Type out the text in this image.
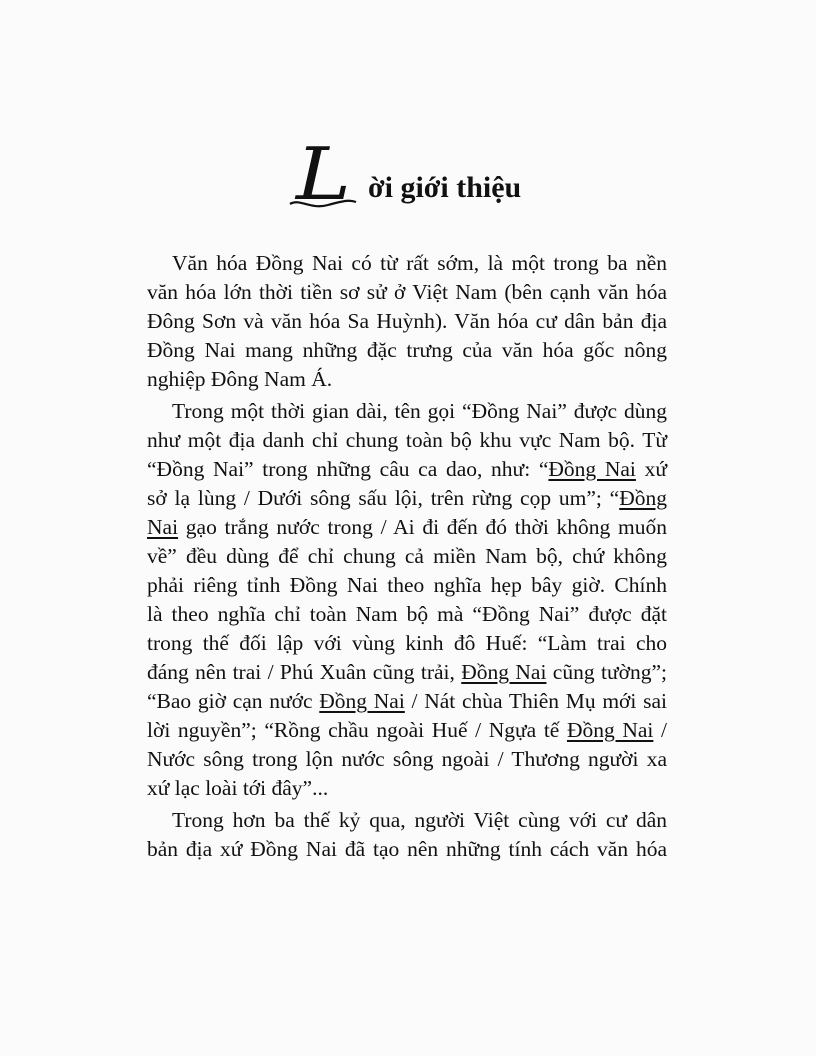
L ời giới thiệu
Văn hóa Đồng Nai có từ rất sớm, là một trong ba nền
văn hóa lớn thời tiền sơ sử ở Việt Nam (bên cạnh văn hóa
Đông Sơn và văn hóa Sa Huỳnh). Văn hóa cư dân bản địa
Đồng Nai mang những đặc trưng của văn hóa gốc nông
nghiệp Đông Nam Á.
Trong một thời gian dài, tên gọi “Đồng Nai” được dùng
như một địa danh chỉ chung toàn bộ khu vực Nam bộ. Từ
“Đồng Nai” trong những câu ca dao, như: “Đồng Nai xứ
sở lạ lùng / Dưới sông sấu lội, trên rừng cọp um”; “Đồng
Nai gạo trắng nước trong / Ai đi đến đó thời không muốn
về” đều dùng để chỉ chung cả miền Nam bộ, chứ không
phải riêng tỉnh Đồng Nai theo nghĩa hẹp bây giờ. Chính
là theo nghĩa chỉ toàn Nam bộ mà “Đồng Nai” được đặt
trong thế đối lập với vùng kinh đô Huế: “Làm trai cho
đáng nên trai / Phú Xuân cũng trải, Đồng Nai cũng tường”;
“Bao giờ cạn nước Đồng Nai / Nát chùa Thiên Mụ mới sai
lời nguyền”; “Rồng chầu ngoài Huế / Ngựa tế Đồng Nai /
Nước sông trong lộn nước sông ngoài / Thương người xa
xứ lạc loài tới đây”...
Trong hơn ba thế kỷ qua, người Việt cùng với cư dân
bản địa xứ Đồng Nai đã tạo nên những tính cách văn hóa
